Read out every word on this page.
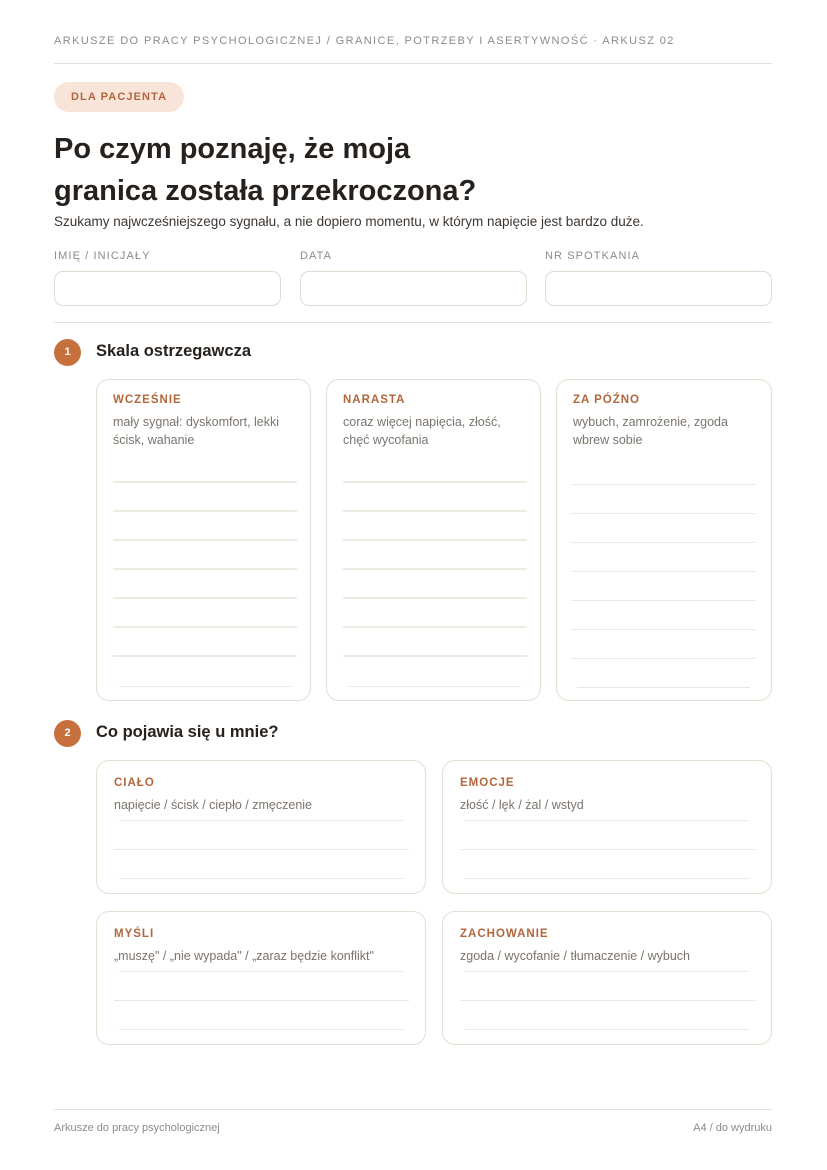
ARKUSZE DO PRACY PSYCHOLOGICZNEJ / GRANICE, POTRZEBY I ASERTYWNOŚĆ · ARKUSZ 02
DLA PACJENTA
Po czym poznaję, że moja
granica została przekroczona?

Szukamy najwcześniejszego sygnału, a nie dopiero momentu, w którym napięcie jest bardzo duże.

IMIĘ / INICJAŁY	DATA	NR SPOTKANIA
1	Skala ostrzegawcza
WCZEŚNIE
mały sygnał: dyskomfort, lekki ścisk, wahanie
NARASTA
coraz więcej napięcia, złość, chęć wycofania
ZA PÓŹNO
wybuch, zamrożenie, zgoda wbrew sobie
2	Co pojawia się u mnie?
CIAŁO
napięcie / ścisk / ciepło / zmęczenie
EMOCJE
złość / lęk / żal / wstyd
MYŚLI
„muszę" / „nie wypada" / „zaraz będzie konflikt"
ZACHOWANIE
zgoda / wycofanie / tłumaczenie / wybuch
Arkusze do pracy psychologicznej	A4 / do wydruku
